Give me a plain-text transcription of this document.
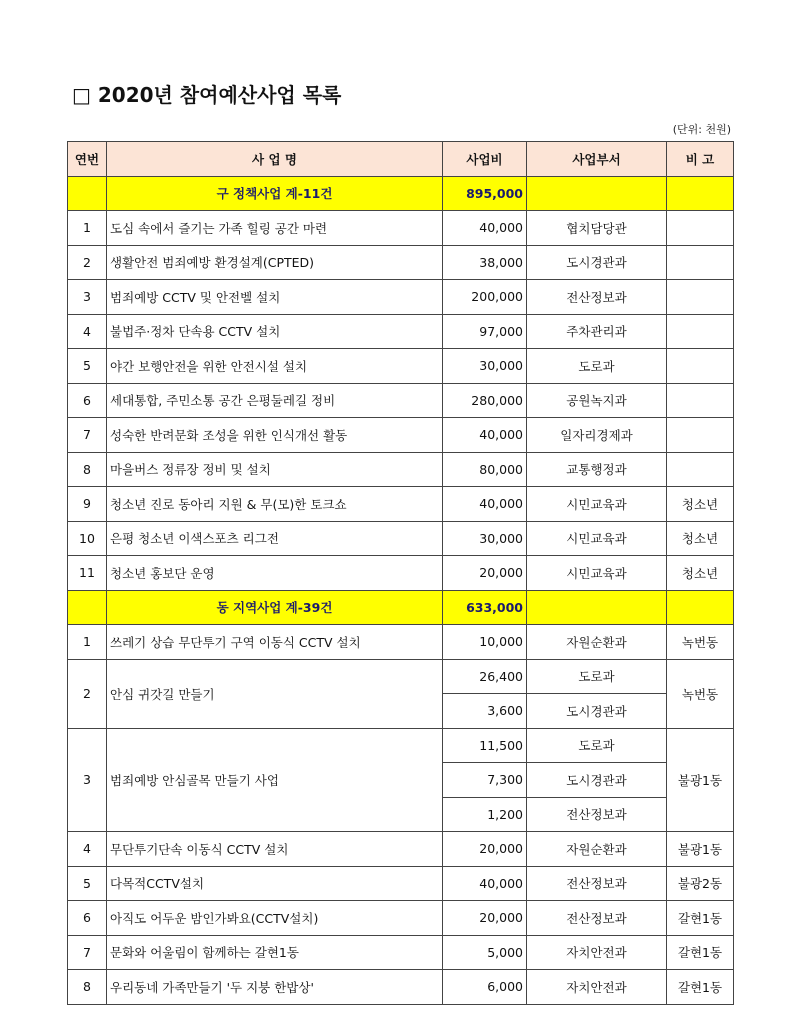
□ 2020년 참여예산사업 목록
(단위: 천원)
연번	사 업 명	사업비	사업부서	비 고
	구 정책사업 계-11건	895,000		
1	도심 속에서 즐기는 가족 힐링 공간 마련	40,000	협치담당관	
2	생활안전 범죄예방 환경설계(CPTED)	38,000	도시경관과	
3	범죄예방 CCTV 및 안전벨 설치	200,000	전산정보과	
4	불법주·정차 단속용 CCTV 설치	97,000	주차관리과	
5	야간 보행안전을 위한 안전시설 설치	30,000	도로과	
6	세대통합, 주민소통 공간 은평둘레길 정비	280,000	공원녹지과	
7	성숙한 반려문화 조성을 위한 인식개선 활동	40,000	일자리경제과	
8	마을버스 정류장 정비 및 설치	80,000	교통행정과	
9	청소년 진로 동아리 지원 & 무(모)한 토크쇼	40,000	시민교육과	청소년
10	은평 청소년 이색스포츠 리그전	30,000	시민교육과	청소년
11	청소년 홍보단 운영	20,000	시민교육과	청소년
	동 지역사업 계-39건	633,000		
1	쓰레기 상습 무단투기 구역 이동식 CCTV 설치	10,000	자원순환과	녹번동
2	안심 귀갓길 만들기	26,400	도로과	녹번동
		3,600	도시경관과	
3	범죄예방 안심골목 만들기 사업	11,500	도로과	불광1동
		7,300	도시경관과	
		1,200	전산정보과	
4	무단투기단속 이동식 CCTV 설치	20,000	자원순환과	불광1동
5	다목적CCTV설치	40,000	전산정보과	불광2동
6	아직도 어두운 밤인가봐요(CCTV설치)	20,000	전산정보과	갈현1동
7	문화와 어울림이 함께하는 갈현1동	5,000	자치안전과	갈현1동
8	우리동네 가족만들기 '두 지붕 한밥상'	6,000	자치안전과	갈현1동
